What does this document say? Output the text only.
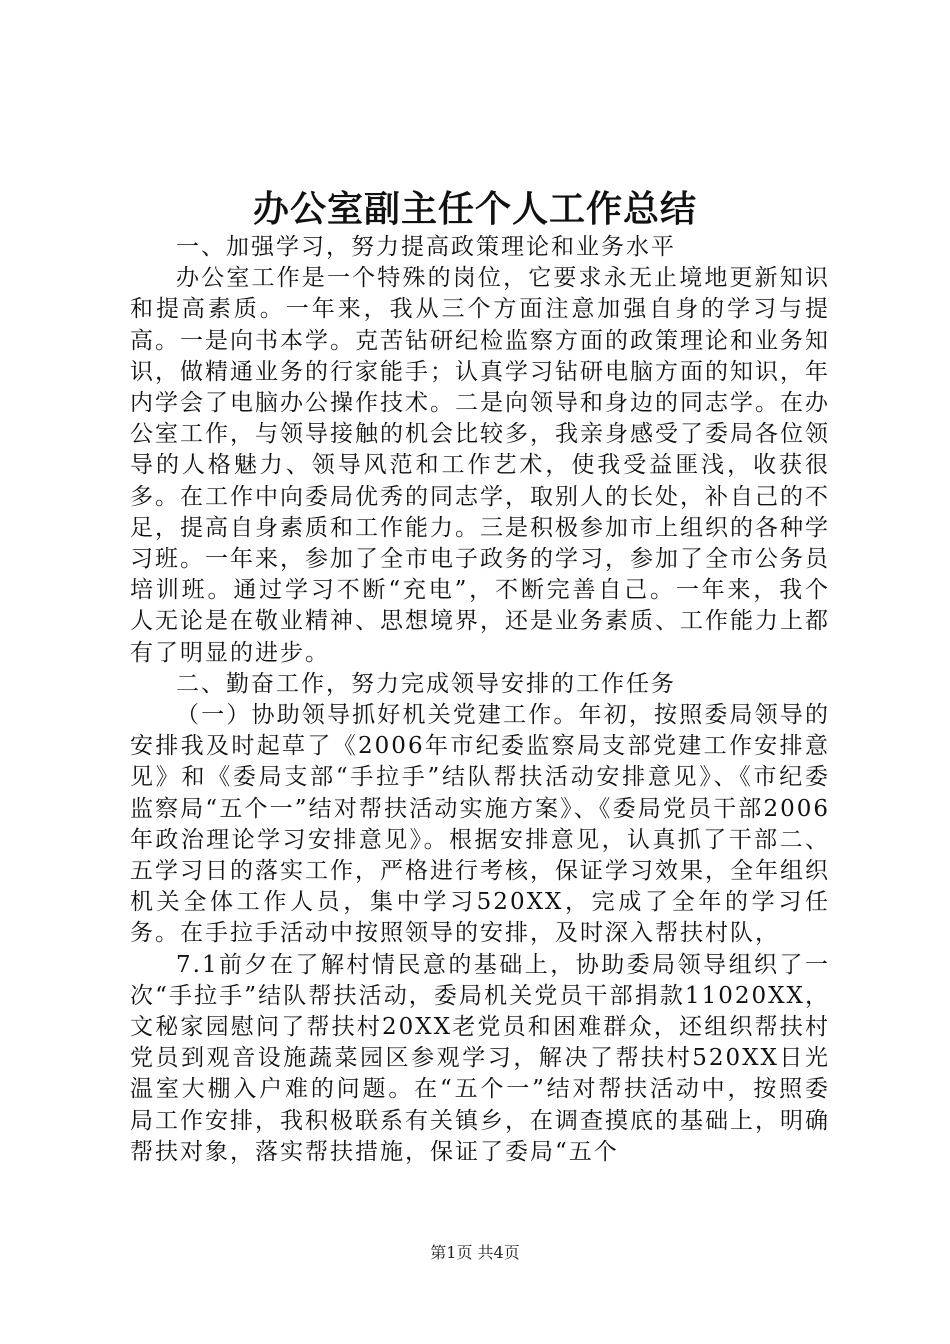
办公室副主任个人工作总结

一、加强学习，努力提高政策理论和业务水平

办公室工作是一个特殊的岗位，它要求永无止境地更新知识和提高素质。一年来，我从三个方面注意加强自身的学习与提高。一是向书本学。克苦钻研纪检监察方面的政策理论和业务知识，做精通业务的行家能手；认真学习钻研电脑方面的知识，年内学会了电脑办公操作技术。二是向领导和身边的同志学。在办公室工作，与领导接触的机会比较多，我亲身感受了委局各位领导的人格魅力、领导风范和工作艺术，使我受益匪浅，收获很多。在工作中向委局优秀的同志学，取别人的长处，补自己的不足，提高自身素质和工作能力。三是积极参加市上组织的各种学习班。一年来，参加了全市电子政务的学习，参加了全市公务员培训班。通过学习不断“充电”，不断完善自己。一年来，我个人无论是在敬业精神、思想境界，还是业务素质、工作能力上都有了明显的进步。

二、勤奋工作，努力完成领导安排的工作任务

（一）协助领导抓好机关党建工作。年初，按照委局领导的安排我及时起草了《2006年市纪委监察局支部党建工作安排意见》和《委局支部“手拉手”结队帮扶活动安排意见》、《市纪委监察局“五个一”结对帮扶活动实施方案》、《委局党员干部2006年政治理论学习安排意见》。根据安排意见，认真抓了干部二、五学习日的落实工作，严格进行考核，保证学习效果，全年组织机关全体工作人员，集中学习520XX，完成了全年的学习任务。在手拉手活动中按照领导的安排，及时深入帮扶村队，

7.1前夕在了解村情民意的基础上，协助委局领导组织了一次“手拉手”结队帮扶活动，委局机关党员干部捐款11020XX，文秘家园慰问了帮扶村20XX老党员和困难群众，还组织帮扶村党员到观音设施蔬菜园区参观学习，解决了帮扶村520XX日光温室大棚入户难的问题。在“五个一”结对帮扶活动中，按照委局工作安排，我积极联系有关镇乡，在调查摸底的基础上，明确帮扶对象，落实帮扶措施，保证了委局“五个

第1页 共4页
